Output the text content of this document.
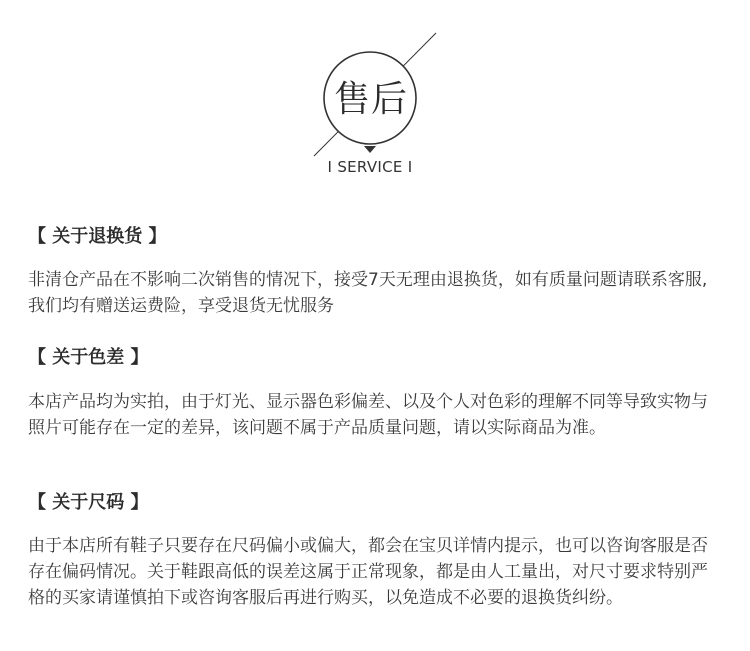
售后
I SERVICE I
【 关于退换货 】
非清仓产品在不影响二次销售的情况下，接受7天无理由退换货，如有质量问题请联系客服,我们均有赠送运费险，享受退货无忧服务
【 关于色差 】
本店产品均为实拍，由于灯光、显示器色彩偏差、以及个人对色彩的理解不同等导致实物与照片可能存在一定的差异，该问题不属于产品质量问题，请以实际商品为准。
【 关于尺码 】
由于本店所有鞋子只要存在尺码偏小或偏大，都会在宝贝详情内提示，也可以咨询客服是否存在偏码情况。关于鞋跟高低的误差这属于正常现象，都是由人工量出，对尺寸要求特别严格的买家请谨慎拍下或咨询客服后再进行购买，以免造成不必要的退换货纠纷。
